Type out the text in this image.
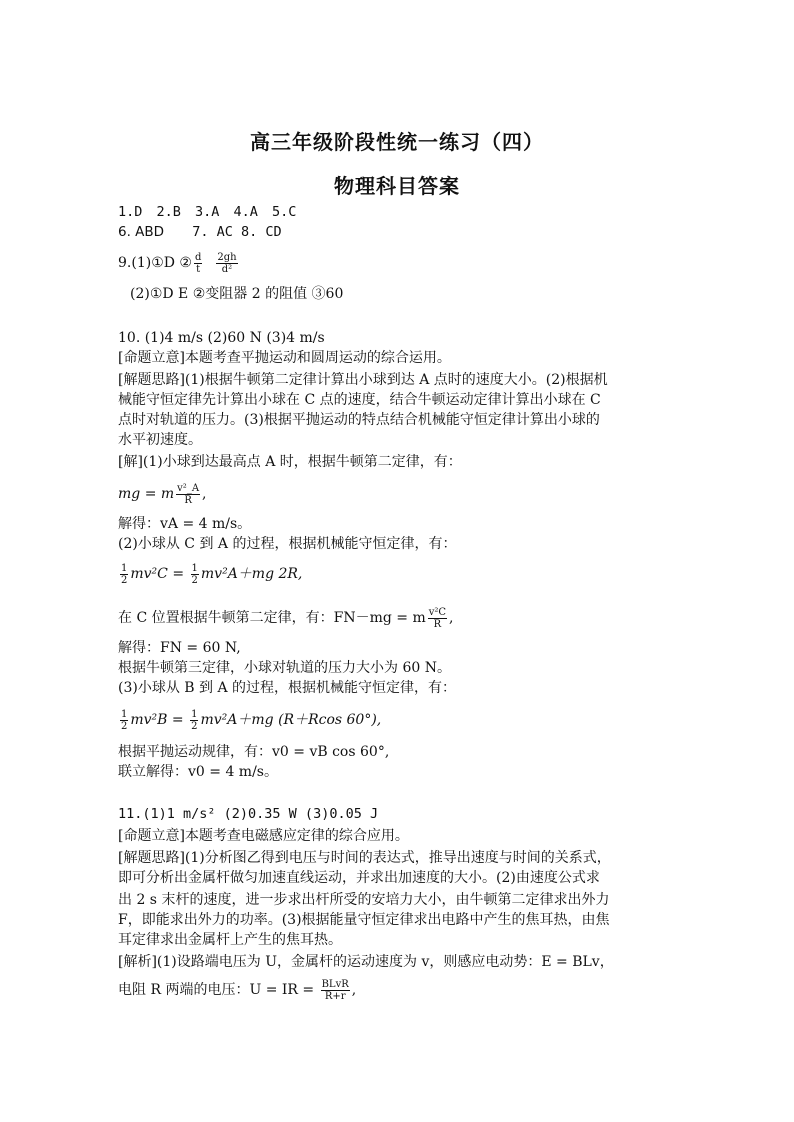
高三年级阶段性统一练习（四）
物理科目答案
1.D 2.B 3.A 4.A 5.C
6. ABD 7. AC 8. CD
9.(1)①D ② $\frac{d}{t} \frac{2gh}{\text{d²}}$
(2)①D E ②变阻器 2 的阻值 ③60
10. (1)4 m/s (2)60 N (3)4 m/s
[命题立意]本题考查平抛运动和圆周运动的综合运用。
[解题思路](1)根据牛顿第二定律计算出小球到达 A 点时的速度大小。(2)根据机
械能守恒定律先计算出小球在 C 点的速度，结合牛顿运动定律计算出小球在 C
点时对轨道的压力。(3)根据平抛运动的特点结合机械能守恒定律计算出小球的
水平初速度。
[解](1)小球到达最高点 A 时，根据牛顿第二定律，有：
mg = m $\frac{\text{v²\_A}}{R}$ ,
解得：vA = 4 m/s。
(2)小球从 C 到 A 的过程，根据机械能守恒定律，有：
$\frac{1}{2} mv^2C = \frac{1}{2} mv^2A+mg$ 2R,
在 C 位置根据牛顿第二定律，有：FN－mg = m $\frac{\text{v²C}}{R}$ ,
解得：FN = 60 N,
根据牛顿第三定律，小球对轨道的压力大小为 60 N。
(3)小球从 B 到 A 的过程，根据机械能守恒定律，有：
$\frac{1}{2} mv^2B = \frac{1}{2} mv^2A+mg$ (R＋Rcos 60°),
根据平抛运动规律，有：v0 = vB cos 60°,
联立解得：v0 = 4 m/s。
11.(1)1 m/s² (2)0.35 W (3)0.05 J
[命题立意]本题考查电磁感应定律的综合应用。
[解题思路](1)分析图乙得到电压与时间的表达式，推导出速度与时间的关系式，
即可分析出金属杆做匀加速直线运动，并求出加速度的大小。(2)由速度公式求
出 2 s 末杆的速度，进一步求出杆所受的安培力大小，由牛顿第二定律求出外力
F，即能求出外力的功率。(3)根据能量守恒定律求出电路中产生的焦耳热，由焦
耳定律求出金属杆上产生的焦耳热。
[解析](1)设路端电压为 U，金属杆的运动速度为 v，则感应电动势：E = BLv，
电阻 R 两端的电压：U = IR = $\frac{\text{BLvR}}{R+r}$ ,
